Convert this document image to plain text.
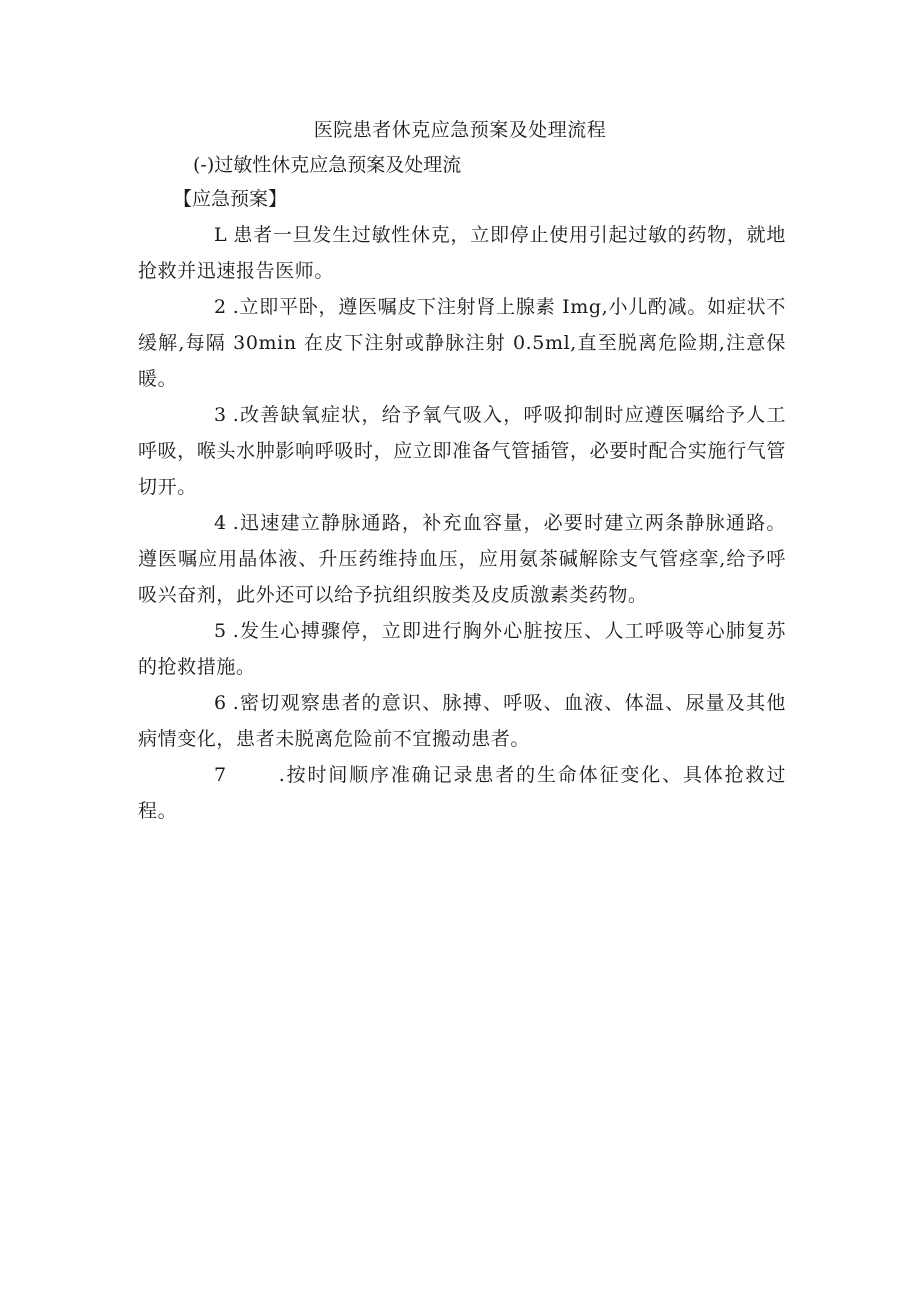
医院患者休克应急预案及处理流程
(-)过敏性休克应急预案及处理流
【应急预案】

L 患者一旦发生过敏性休克，立即停止使用引起过敏的药物，就地抢救并迅速报告医师。

2 .立即平卧，遵医嘱皮下注射肾上腺素 Img,小儿酌减。如症状不缓解,每隔 30min 在皮下注射或静脉注射 0.5ml,直至脱离危险期,注意保暖。

3 .改善缺氧症状，给予氧气吸入，呼吸抑制时应遵医嘱给予人工呼吸，喉头水肿影响呼吸时，应立即准备气管插管，必要时配合实施行气管切开。

4 .迅速建立静脉通路，补充血容量，必要时建立两条静脉通路。遵医嘱应用晶体液、升压药维持血压，应用氨茶碱解除支气管痉挛,给予呼吸兴奋剂，此外还可以给予抗组织胺类及皮质激素类药物。

5 .发生心搏骤停，立即进行胸外心脏按压、人工呼吸等心肺复苏的抢救措施。

6 .密切观察患者的意识、脉搏、呼吸、血液、体温、尿量及其他病情变化，患者未脱离危险前不宜搬动患者。

7	.按时间顺序准确记录患者的生命体征变化、具体抢救过程。
